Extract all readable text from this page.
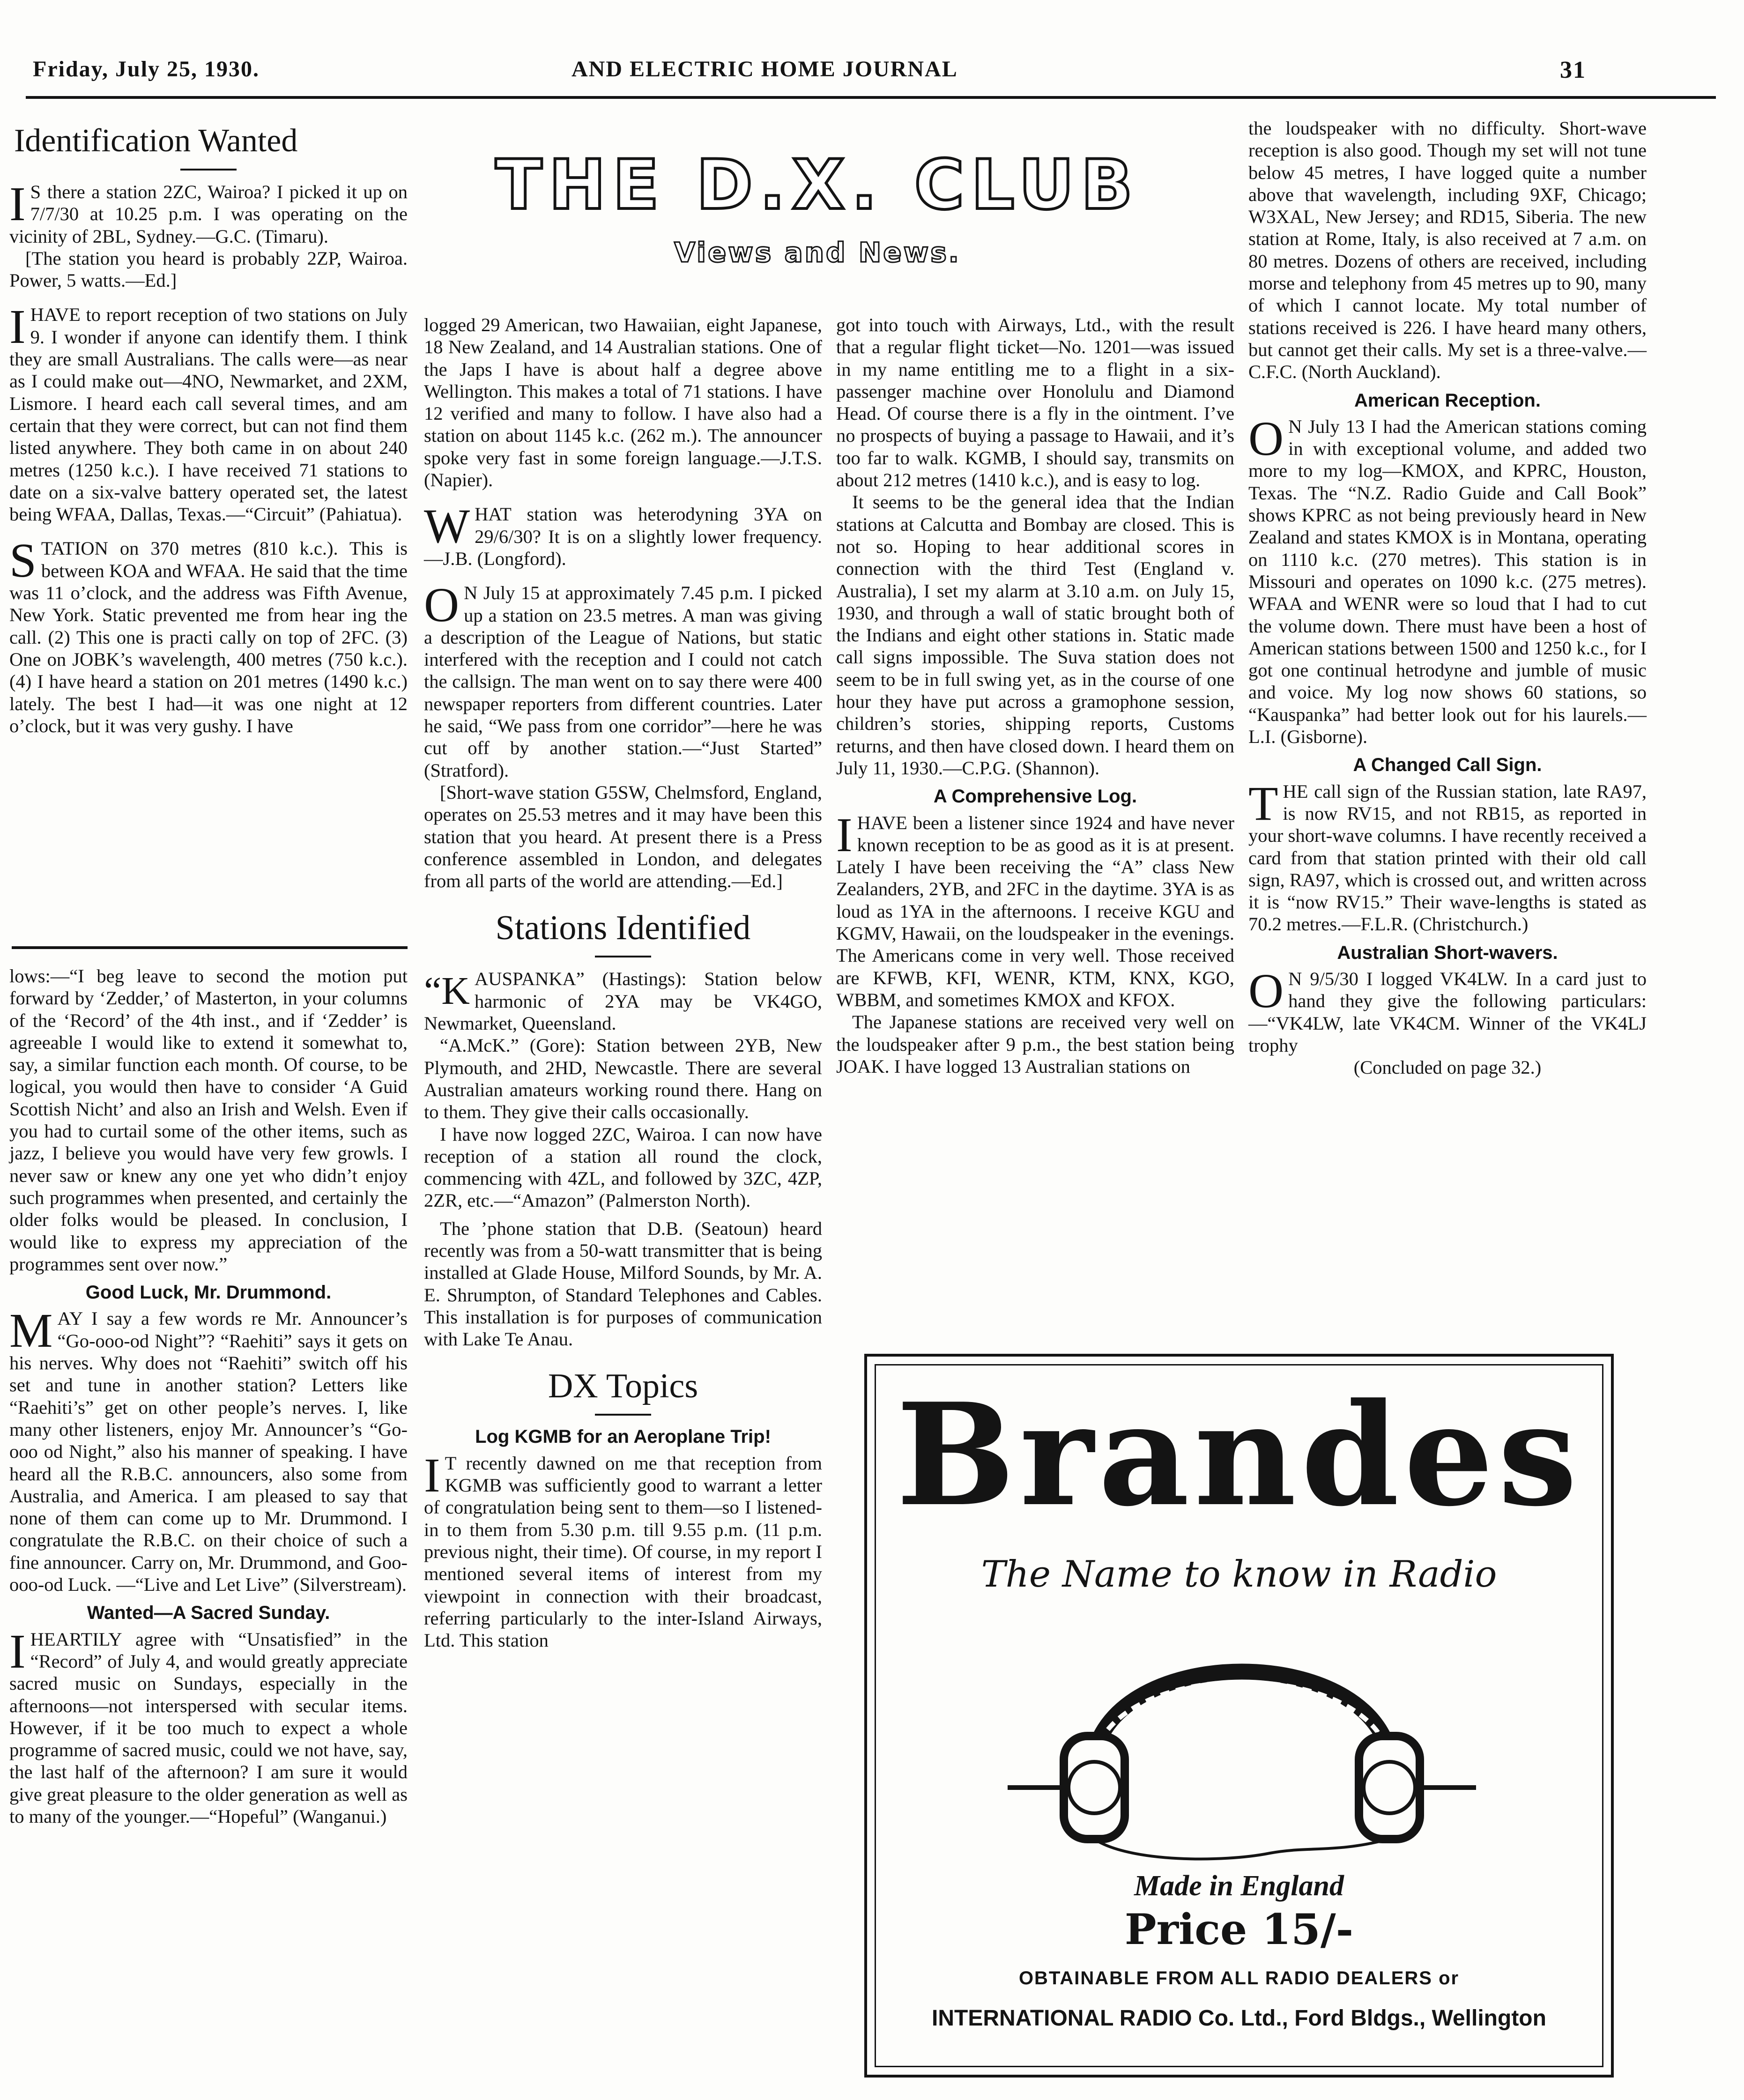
Friday, July 25, 1930.	AND ELECTRIC HOME JOURNAL	31
Identification Wanted

I S there a station 2ZC, Wairoa? I picked it up on 7/7/30 at 10.25 p.m. I was operating on the vicinity of 2BL, Sydney.—G.C. (Timaru).

[The station you heard is probably 2ZP, Wairoa. Power, 5 watts.—Ed.]

IHAVE to report reception of two stations on July 9. I wonder if anyone can identify them. I think they are small Australians. The calls were—as near as I could make out—4NO, Newmarket, and 2XM, Lismore. I heard each call several times, and am certain that they were correct, but can not find them listed anywhere. They both came in on about 240 metres (1250 k.c.). I have received 71 stations to date on a six-valve battery operated set, the latest being WFAA, Dallas, Texas.—“Circuit” (Pahiatua).

STATION on 370 metres (810 k.c.). This is between KOA and WFAA. He said that the time was 11 o’clock, and the address was Fifth Avenue, New York. Static prevented me from hear ing the call. (2) This one is practi cally on top of 2FC. (3) One on JOBK’s wavelength, 400 metres (750 k.c.). (4) I have heard a station on 201 metres (1490 k.c.) lately. The best I had—it was one night at 12 o’clock, but it was very gushy. I have

lows:—“I beg leave to second the motion put forward by ‘Zedder,’ of Masterton, in your columns of the ‘Record’ of the 4th inst., and if ‘Zedder’ is agreeable I would like to extend it somewhat to, say, a similar function each month. Of course, to be logical, you would then have to consider ‘A Guid Scottish Nicht’ and also an Irish and Welsh. Even if you had to curtail some of the other items, such as jazz, I believe you would have very few growls. I never saw or knew any one yet who didn’t enjoy such programmes when presented, and certainly the older folks would be pleased. In conclusion, I would like to express my appreciation of the programmes sent over now.”

Good Luck, Mr. Drummond.

MAY I say a few words re Mr. Announcer’s “Go-ooo-od Night”? “Raehiti” says it gets on his nerves. Why does not “Raehiti” switch off his set and tune in another station? Letters like “Raehiti’s” get on other people’s nerves. I, like many other listeners, enjoy Mr. Announcer’s “Go-ooo od Night,” also his manner of speaking. I have heard all the R.B.C. announcers, also some from Australia, and America. I am pleased to say that none of them can come up to Mr. Drummond. I congratulate the R.B.C. on their choice of such a fine announcer. Carry on, Mr. Drummond, and Goo-ooo-od Luck. —“Live and Let Live” (Silverstream).

Wanted—A Sacred Sunday.

IHEARTILY agree with “Unsatisfied” in the “Record” of July 4, and would greatly appreciate sacred music on Sundays, especially in the afternoons—not interspersed with secular items. However, if it be too much to expect a whole programme of sacred music, could we not have, say, the last half of the afternoon? I am sure it would give great pleasure to the older generation as well as to many of the younger.—“Hopeful” (Wanganui.)

THE D.X. CLUB
Views and News.

logged 29 American, two Hawaiian, eight Japanese, 18 New Zealand, and 14 Australian stations. One of the Japs I have is about half a degree above Wellington. This makes a total of 71 stations. I have 12 verified and many to follow. I have also had a station on about 1145 k.c. (262 m.). The announcer spoke very fast in some foreign language.—J.T.S. (Napier).

WHAT station was heterodyning 3YA on 29/6/30? It is on a slightly lower frequency.—J.B. (Longford).

O N July 15 at approximately 7.45 p.m. I picked up a station on 23.5 metres. A man was giving a description of the League of Nations, but static interfered with the reception and I could not catch the callsign. The man went on to say there were 400 newspaper reporters from different countries. Later he said, “We pass from one corridor”—here he was cut off by another station.—“Just Started” (Stratford).

[Short-wave station G5SW, Chelmsford, England, operates on 25.53 metres and it may have been this station that you heard. At present there is a Press conference assembled in London, and delegates from all parts of the world are attending.—Ed.]

Stations Identified

“KAUSPANKA” (Hastings): Station below harmonic of 2YA may be VK4GO, Newmarket, Queensland.

“A.McK.” (Gore): Station between 2YB, New Plymouth, and 2HD, Newcastle. There are several Australian amateurs working round there. Hang on to them. They give their calls occasionally.

I have now logged 2ZC, Wairoa. I can now have reception of a station all round the clock, commencing with 4ZL, and followed by 3ZC, 4ZP, 2ZR, etc.—“Amazon” (Palmerston North).

The ’phone station that D.B. (Seatoun) heard recently was from a 50-watt transmitter that is being installed at Glade House, Milford Sounds, by Mr. A. E. Shrumpton, of Standard Telephones and Cables. This installation is for purposes of communication with Lake Te Anau.

DX Topics
Log KGMB for an Aeroplane Trip!

I T recently dawned on me that reception from KGMB was sufficiently good to warrant a letter of congratulation being sent to them—so I listened-in to them from 5.30 p.m. till 9.55 p.m. (11 p.m. previous night, their time). Of course, in my report I mentioned several items of interest from my viewpoint in connection with their broadcast, referring particularly to the inter-Island Airways, Ltd. This station

got into touch with Airways, Ltd., with the result that a regular flight ticket—No. 1201—was issued in my name entitling me to a flight in a six-passenger machine over Honolulu and Diamond Head. Of course there is a fly in the ointment. I’ve no prospects of buying a passage to Hawaii, and it’s too far to walk. KGMB, I should say, transmits on about 212 metres (1410 k.c.), and is easy to log.

It seems to be the general idea that the Indian stations at Calcutta and Bombay are closed. This is not so. Hoping to hear additional scores in connection with the third Test (England v. Australia), I set my alarm at 3.10 a.m. on July 15, 1930, and through a wall of static brought both of the Indians and eight other stations in. Static made call signs impossible. The Suva station does not seem to be in full swing yet, as in the course of one hour they have put across a gramophone session, children’s stories, shipping reports, Customs returns, and then have closed down. I heard them on July 11, 1930.—C.P.G. (Shannon).

A Comprehensive Log.

IHAVE been a listener since 1924 and have never known reception to be as good as it is at present. Lately I have been receiving the “A” class New Zealanders, 2YB, and 2FC in the daytime. 3YA is as loud as 1YA in the afternoons. I receive KGU and KGMV, Hawaii, on the loudspeaker in the evenings. The Americans come in very well. Those received are KFWB, KFI, WENR, KTM, KNX, KGO, WBBM, and sometimes KMOX and KFOX.

The Japanese stations are received very well on the loudspeaker after 9 p.m., the best station being JOAK. I have logged 13 Australian stations on

the loudspeaker with no difficulty. Short-wave reception is also good. Though my set will not tune below 45 metres, I have logged quite a number above that wavelength, including 9XF, Chicago; W3XAL, New Jersey; and RD15, Siberia. The new station at Rome, Italy, is also received at 7 a.m. on 80 metres. Dozens of others are received, including morse and telephony from 45 metres up to 90, many of which I cannot locate. My total number of stations received is 226. I have heard many others, but cannot get their calls. My set is a three-valve.—C.F.C. (North Auckland).

American Reception.

O N July 13 I had the American stations coming in with exceptional volume, and added two more to my log—KMOX, and KPRC, Houston, Texas. The “N.Z. Radio Guide and Call Book” shows KPRC as not being previously heard in New Zealand and states KMOX is in Montana, operating on 1110 k.c. (270 metres). This station is in Missouri and operates on 1090 k.c. (275 metres). WFAA and WENR were so loud that I had to cut the volume down. There must have been a host of American stations between 1500 and 1250 k.c., for I got one continual hetrodyne and jumble of music and voice. My log now shows 60 stations, so “Kauspanka” had better look out for his laurels.—L.I. (Gisborne).

A Changed Call Sign.

THE call sign of the Russian station, late RA97, is now RV15, and not RB15, as reported in your short-wave columns. I have recently received a card from that station printed with their old call sign, RA97, which is crossed out, and written across it is “now RV15.” Their wave-lengths is stated as 70.2 metres.—F.L.R. (Christchurch.)

Australian Short-wavers.

O N 9/5/30 I logged VK4LW. In a card just to hand they give the following particulars:—“VK4LW, late VK4CM. Winner of the VK4LJ trophy

(Concluded on page 32.)
Brandes
The Name to know in Radio
Made in England
Price 15/-
OBTAINABLE FROM ALL RADIO DEALERS or
INTERNATIONAL RADIO Co. Ltd., Ford Bldgs., Wellington
